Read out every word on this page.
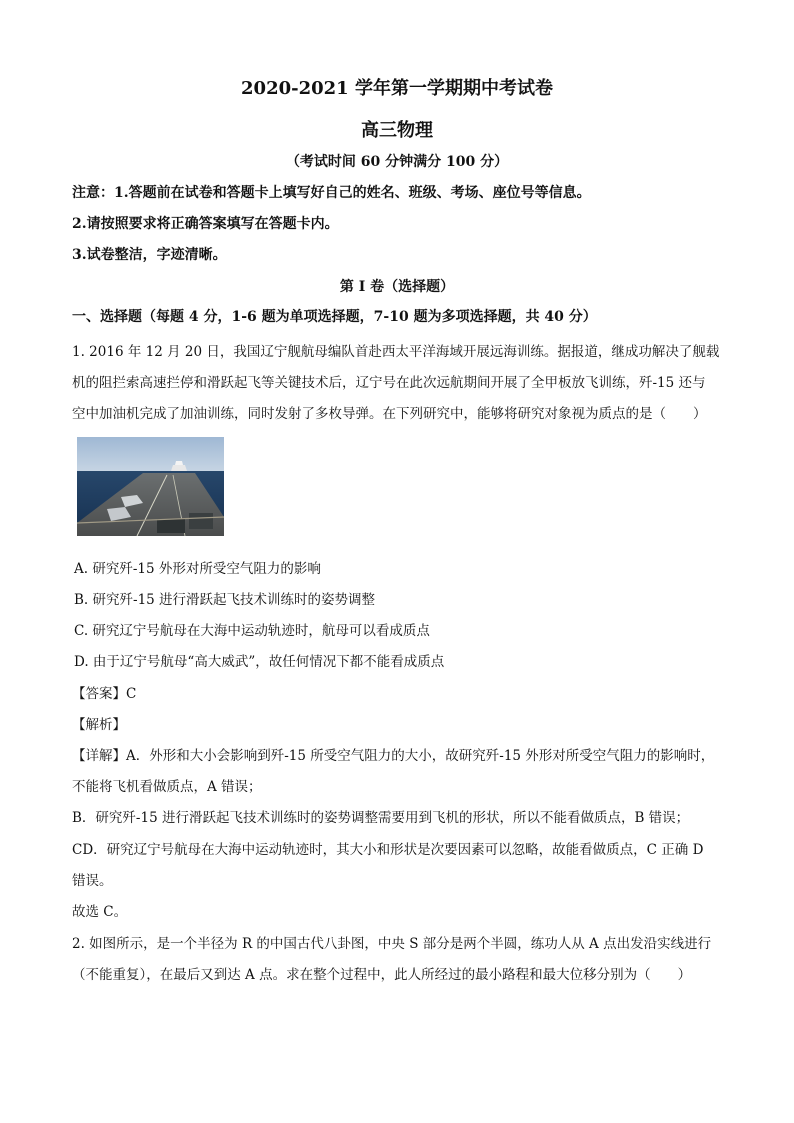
2020-2021 学年第一学期期中考试卷
高三物理
（考试时间 60 分钟满分 100 分）
注意：1.答题前在试卷和答题卡上填写好自己的姓名、班级、考场、座位号等信息。
2.请按照要求将正确答案填写在答题卡内。
3.试卷整洁，字迹清晰。
第 I 卷（选择题）
一、选择题（每题 4 分，1-6 题为单项选择题，7-10 题为多项选择题，共 40 分）
1. 2016 年 12 月 20 日，我国辽宁舰航母编队首赴西太平洋海域开展远海训练。据报道，继成功解决了舰载
机的阻拦索高速拦停和滑跃起飞等关键技术后，辽宁号在此次远航期间开展了全甲板放飞训练，歼-15 还与
空中加油机完成了加油训练，同时发射了多枚导弹。在下列研究中，能够将研究对象视为质点的是（　　）
A. 研究歼-15 外形对所受空气阻力的影响
B. 研究歼-15 进行滑跃起飞技术训练时的姿势调整
C. 研究辽宁号航母在大海中运动轨迹时，航母可以看成质点
D. 由于辽宁号航母“高大威武”，故任何情况下都不能看成质点
【答案】C
【解析】
【详解】A．外形和大小会影响到歼-15 所受空气阻力的大小，故研究歼-15 外形对所受空气阻力的影响时，
不能将飞机看做质点，A 错误；
B．研究歼-15 进行滑跃起飞技术训练时的姿势调整需要用到飞机的形状，所以不能看做质点，B 错误；
CD．研究辽宁号航母在大海中运动轨迹时，其大小和形状是次要因素可以忽略，故能看做质点，C 正确 D
错误。
故选 C。
2. 如图所示，是一个半径为 R 的中国古代八卦图，中央 S 部分是两个半圆，练功人从 A 点出发沿实线进行
（不能重复），在最后又到达 A 点。求在整个过程中，此人所经过的最小路程和最大位移分别为（　　）
